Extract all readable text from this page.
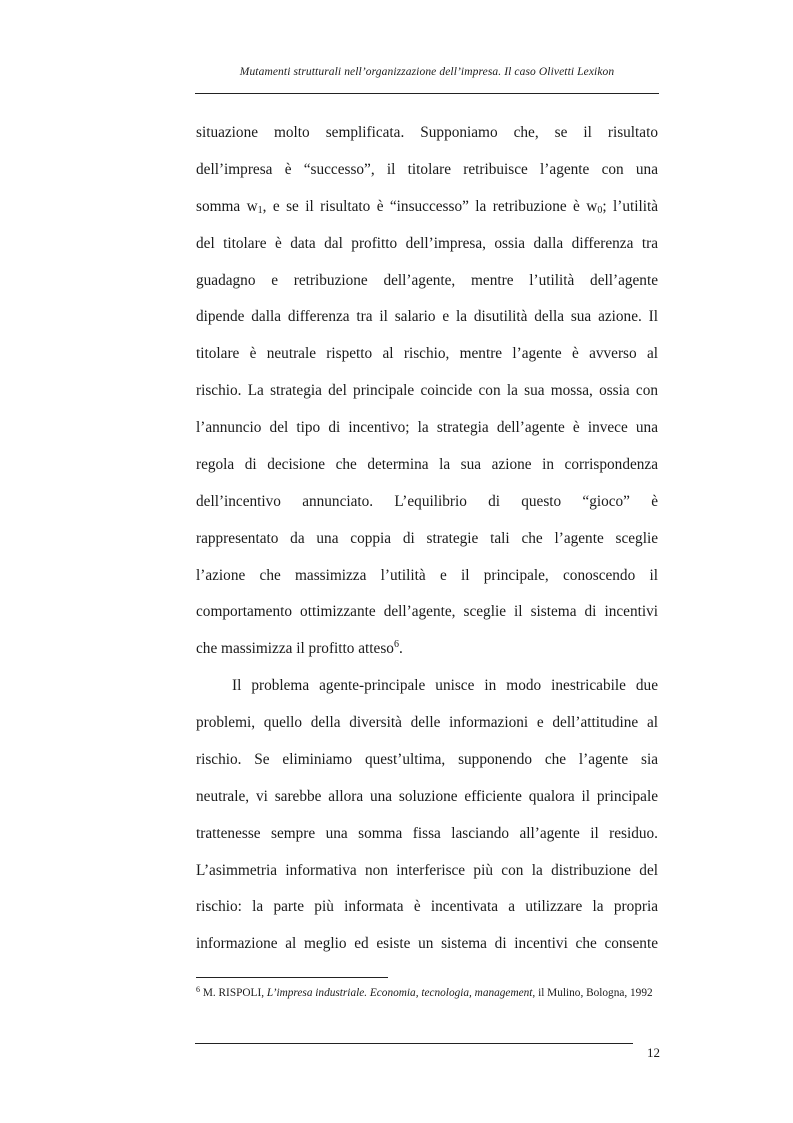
Mutamenti strutturali nell’organizzazione dell’impresa. Il caso Olivetti Lexikon
situazione molto semplificata. Supponiamo che, se il risultato
dell’impresa è “successo”, il titolare retribuisce l’agente con una
somma $w_1$, e se il risultato è “insuccesso” la retribuzione è $w_0$; l’utilità
del titolare è data dal profitto dell’impresa, ossia dalla differenza tra
guadagno e retribuzione dell’agente, mentre l’utilità dell’agente
dipende dalla differenza tra il salario e la disutilità della sua azione. Il
titolare è neutrale rispetto al rischio, mentre l’agente è avverso al
rischio. La strategia del principale coincide con la sua mossa, ossia con
l’annuncio del tipo di incentivo; la strategia dell’agente è invece una
regola di decisione che determina la sua azione in corrispondenza
dell’incentivo annunciato. L’equilibrio di questo “gioco” è
rappresentato da una coppia di strategie tali che l’agente sceglie
l’azione che massimizza l’utilità e il principale, conoscendo il
comportamento ottimizzante dell’agente, sceglie il sistema di incentivi
che massimizza il profitto atteso$^6$.
Il problema agente-principale unisce in modo inestricabile due
problemi, quello della diversità delle informazioni e dell’attitudine al
rischio. Se eliminiamo quest’ultima, supponendo che l’agente sia
neutrale, vi sarebbe allora una soluzione efficiente qualora il principale
trattenesse sempre una somma fissa lasciando all’agente il residuo.
L’asimmetria informativa non interferisce più con la distribuzione del
rischio: la parte più informata è incentivata a utilizzare la propria
informazione al meglio ed esiste un sistema di incentivi che consente
$^6$ M. RISPOLI, L’impresa industriale. Economia, tecnologia, management, il Mulino, Bologna, 1992
12
